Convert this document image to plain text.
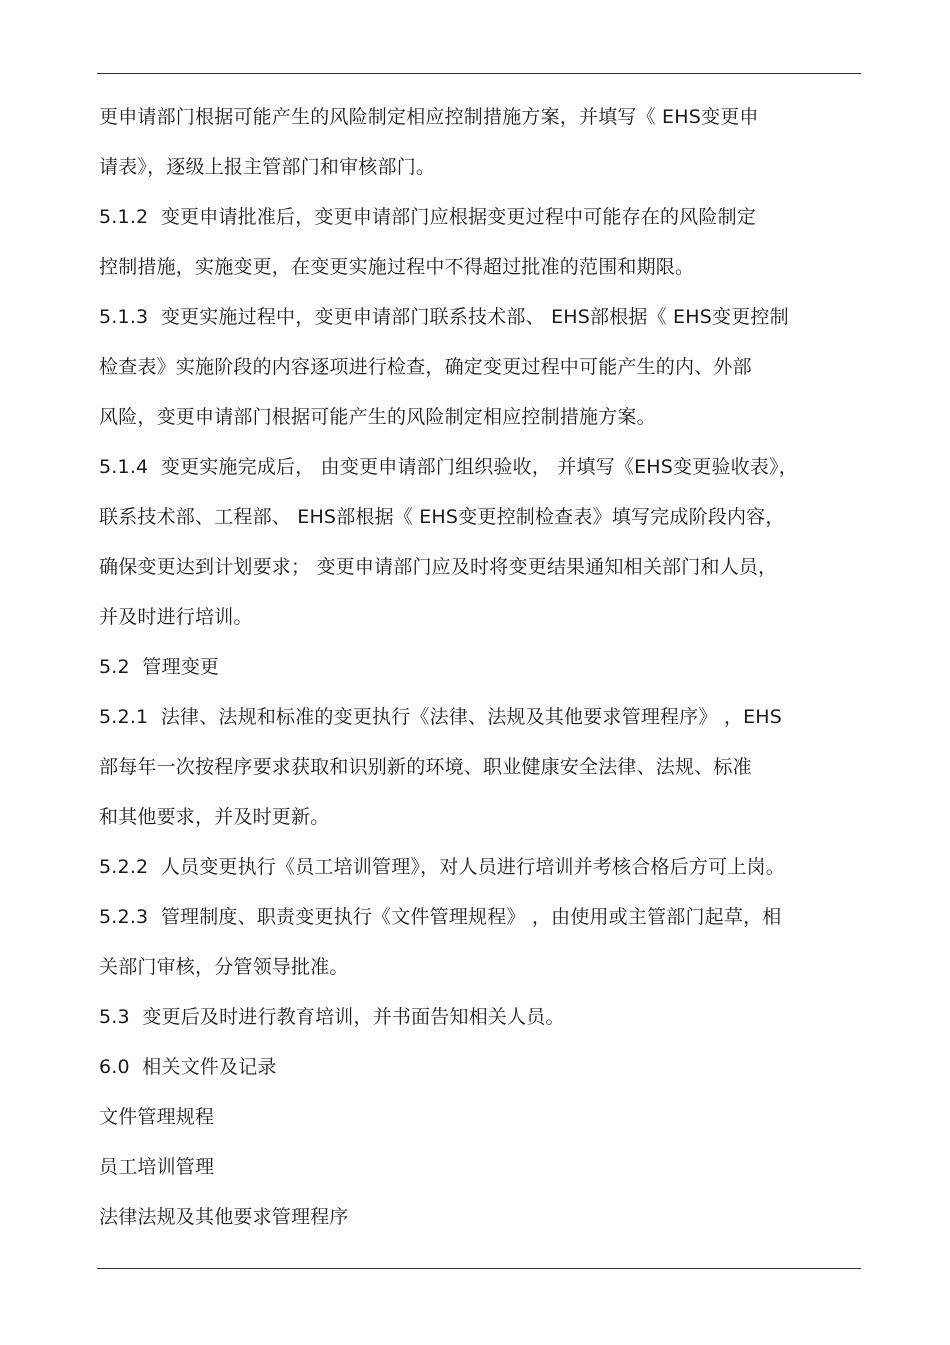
更申请部门根据可能产生的风险制定相应控制措施方案，并填写《 EHS变更申
请表》，逐级上报主管部门和审核部门。
5.1.2  变更申请批准后，变更申请部门应根据变更过程中可能存在的风险制定
控制措施，实施变更，在变更实施过程中不得超过批准的范围和期限。
5.1.3  变更实施过程中，变更申请部门联系技术部、 EHS部根据《 EHS变更控制
检查表》实施阶段的内容逐项进行检查，确定变更过程中可能产生的内、外部
风险，变更申请部门根据可能产生的风险制定相应控制措施方案。
5.1.4  变更实施完成后， 由变更申请部门组织验收， 并填写《EHS变更验收表》，
联系技术部、工程部、 EHS部根据《 EHS变更控制检查表》填写完成阶段内容，
确保变更达到计划要求； 变更申请部门应及时将变更结果通知相关部门和人员，
并及时进行培训。
5.2  管理变更
5.2.1  法律、法规和标准的变更执行《法律、法规及其他要求管理程序》 ，EHS
部每年一次按程序要求获取和识别新的环境、职业健康安全法律、法规、标准
和其他要求，并及时更新。
5.2.2  人员变更执行《员工培训管理》，对人员进行培训并考核合格后方可上岗。
5.2.3  管理制度、职责变更执行《文件管理规程》 ，由使用或主管部门起草，相
关部门审核，分管领导批准。
5.3  变更后及时进行教育培训，并书面告知相关人员。
6.0  相关文件及记录
文件管理规程
员工培训管理
法律法规及其他要求管理程序
